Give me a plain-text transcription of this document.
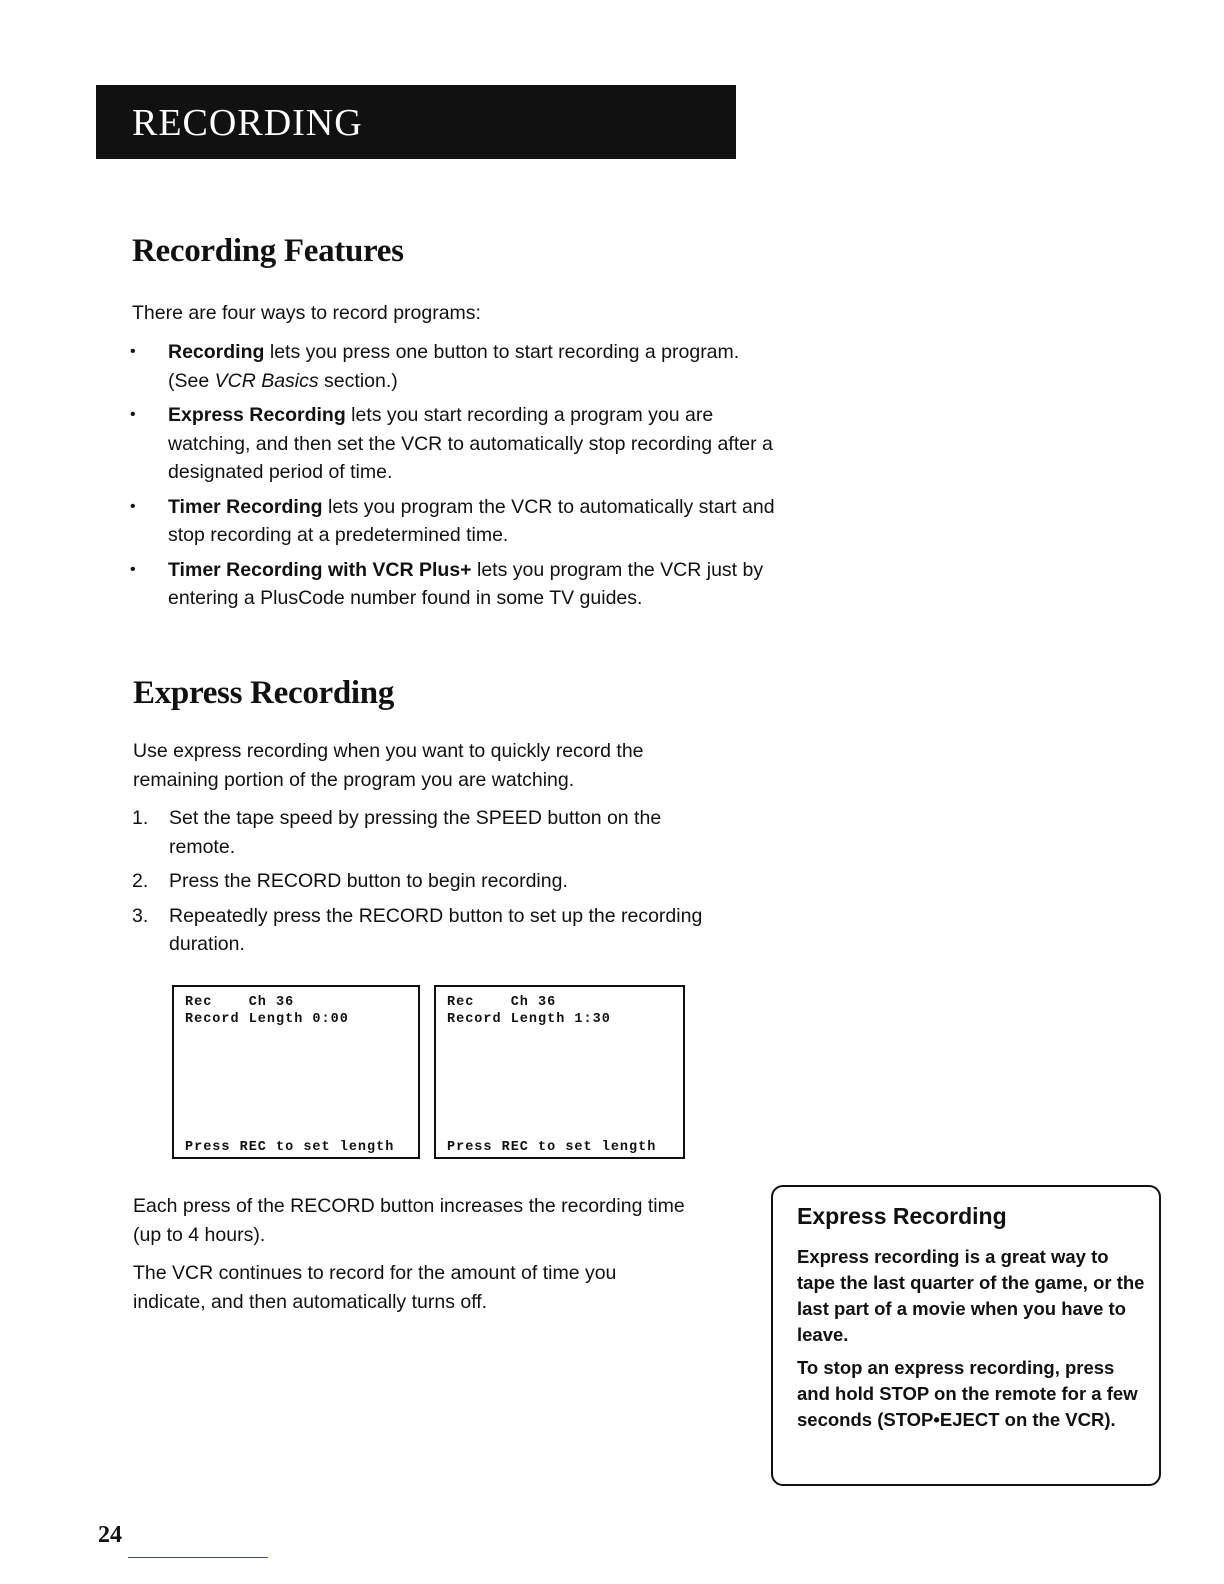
RECORDING
Recording Features

There are four ways to record programs:

• Recording lets you press one button to start recording a program. (See VCR Basics section.)
• Express Recording lets you start recording a program you are watching, and then set the VCR to automatically stop recording after a designated period of time.
• Timer Recording lets you program the VCR to automatically start and stop recording at a predetermined time.
• Timer Recording with VCR Plus+ lets you program the VCR just by entering a PlusCode number found in some TV guides.
Express Recording

Use express recording when you want to quickly record the remaining portion of the program you are watching.

1. Set the tape speed by pressing the SPEED button on the remote.
2. Press the RECORD button to begin recording.
3. Repeatedly press the RECORD button to set up the recording duration.
Rec    Ch 36
Record Length 0:00
Press REC to set length
Rec    Ch 36
Record Length 1:30
Press REC to set length

Each press of the RECORD button increases the recording time (up to 4 hours).

The VCR continues to record for the amount of time you indicate, and then automatically turns off.

Express Recording
Express recording is a great way to tape the last quarter of the game, or the last part of a movie when you have to leave.
To stop an express recording, press and hold STOP on the remote for a few seconds (STOP•EJECT on the VCR).
24
